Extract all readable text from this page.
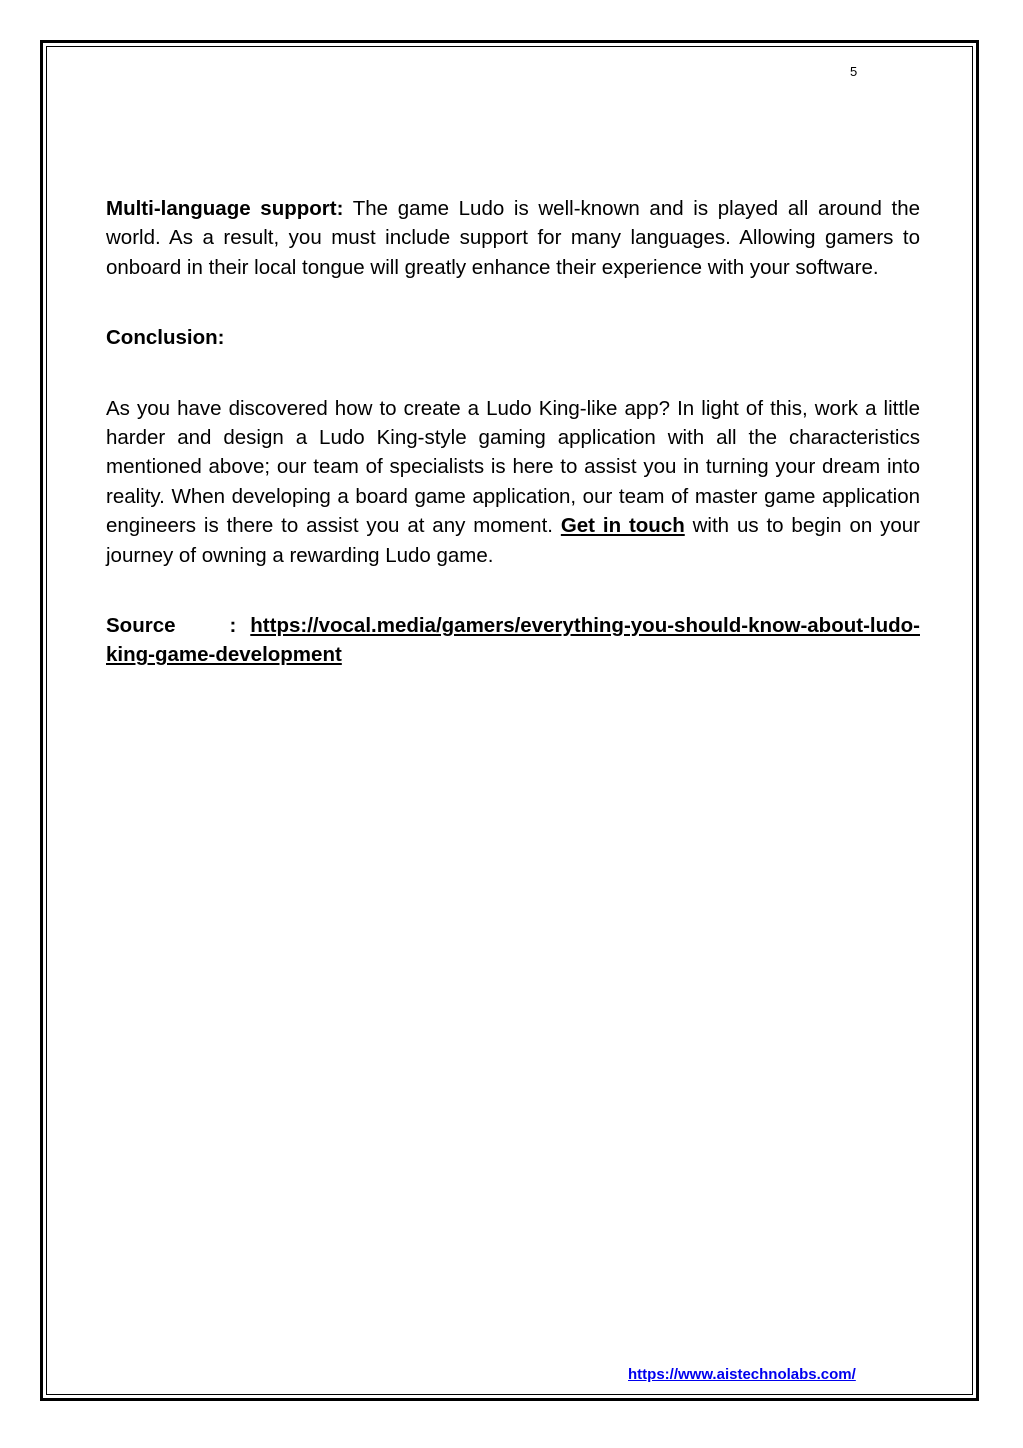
5

Multi-language support: The game Ludo is well-known and is played all around the world. As a result, you must include support for many languages. Allowing gamers to onboard in their local tongue will greatly enhance their experience with your software.

Conclusion:

As you have discovered how to create a Ludo King-like app? In light of this, work a little harder and design a Ludo King-style gaming application with all the characteristics mentioned above; our team of specialists is here to assist you in turning your dream into reality. When developing a board game application, our team of master game application engineers is there to assist you at any moment. Get in touch with us to begin on your journey of owning a rewarding Ludo game.

Source : https://vocal.media/gamers/everything-you-should-know-about-ludo-king-game-development

https://www.aistechnolabs.com/
